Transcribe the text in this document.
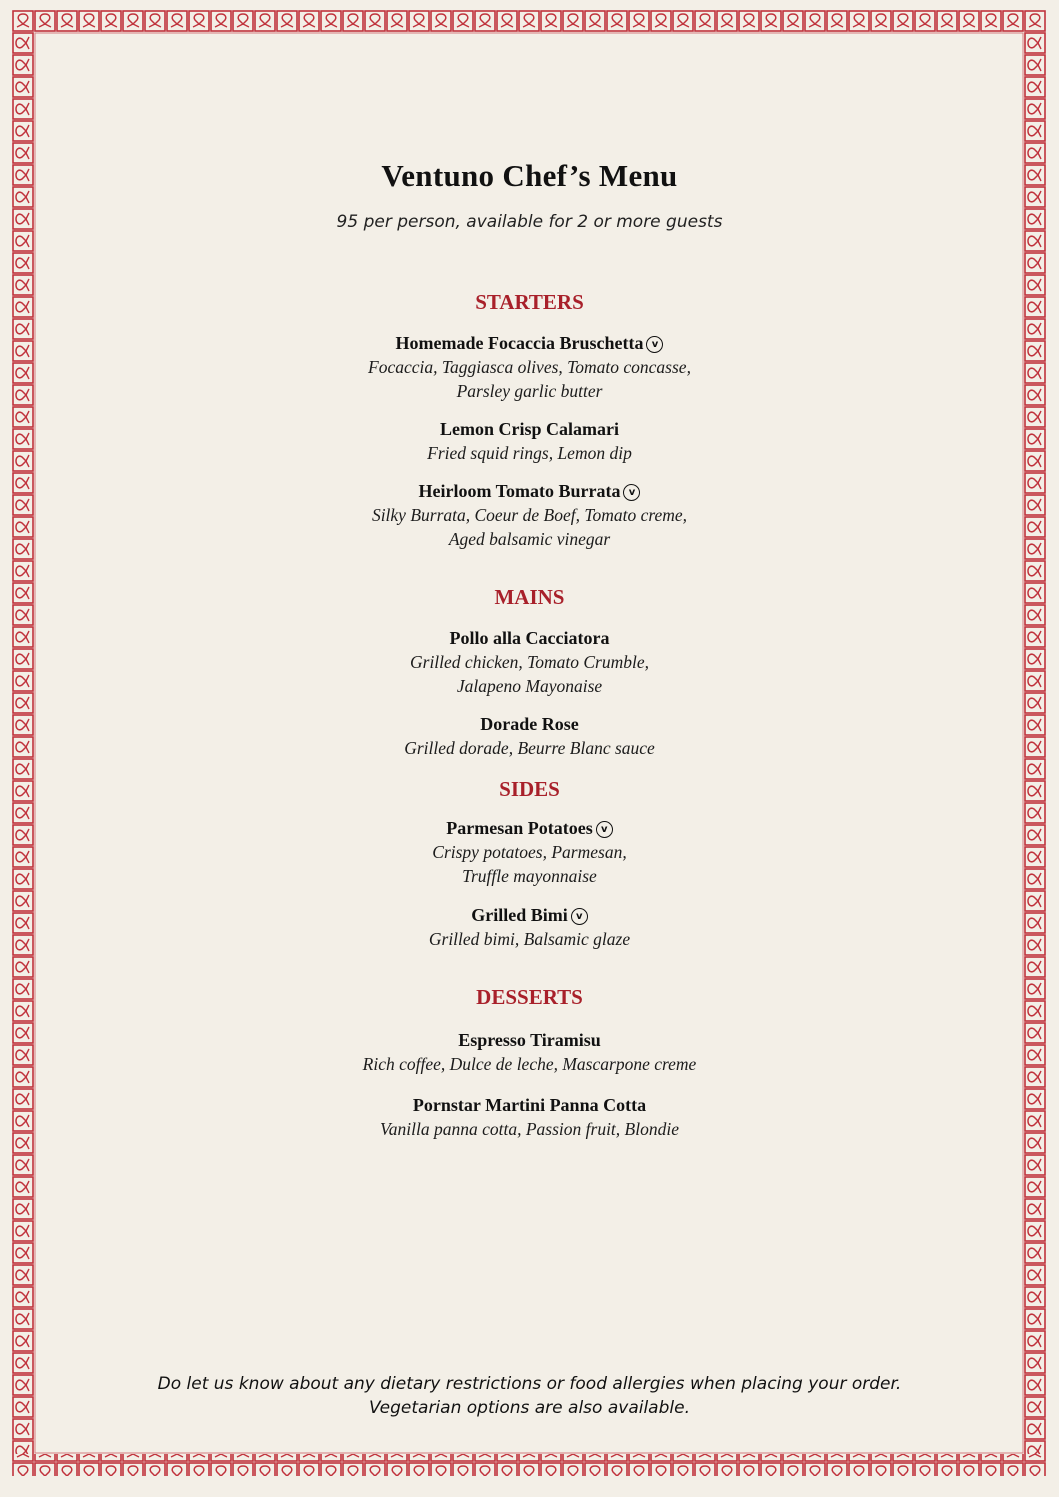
Ventuno Chef’s Menu
95 per person, available for 2 or more guests
STARTERS
Homemade Focaccia Bruschetta v
Focaccia, Taggiasca olives, Tomato concasse,
Parsley garlic butter
Lemon Crisp Calamari
Fried squid rings, Lemon dip
Heirloom Tomato Burrata v
Silky Burrata, Coeur de Boef, Tomato creme,
Aged balsamic vinegar
MAINS
Pollo alla Cacciatora
Grilled chicken, Tomato Crumble,
Jalapeno Mayonaise
Dorade Rose
Grilled dorade, Beurre Blanc sauce
SIDES
Parmesan Potatoes v
Crispy potatoes, Parmesan,
Truffle mayonnaise
Grilled Bimi v
Grilled bimi, Balsamic glaze
DESSERTS
Espresso Tiramisu
Rich coffee, Dulce de leche, Mascarpone creme
Pornstar Martini Panna Cotta
Vanilla panna cotta, Passion fruit, Blondie
Do let us know about any dietary restrictions or food allergies when placing your order.
Vegetarian options are also available.
